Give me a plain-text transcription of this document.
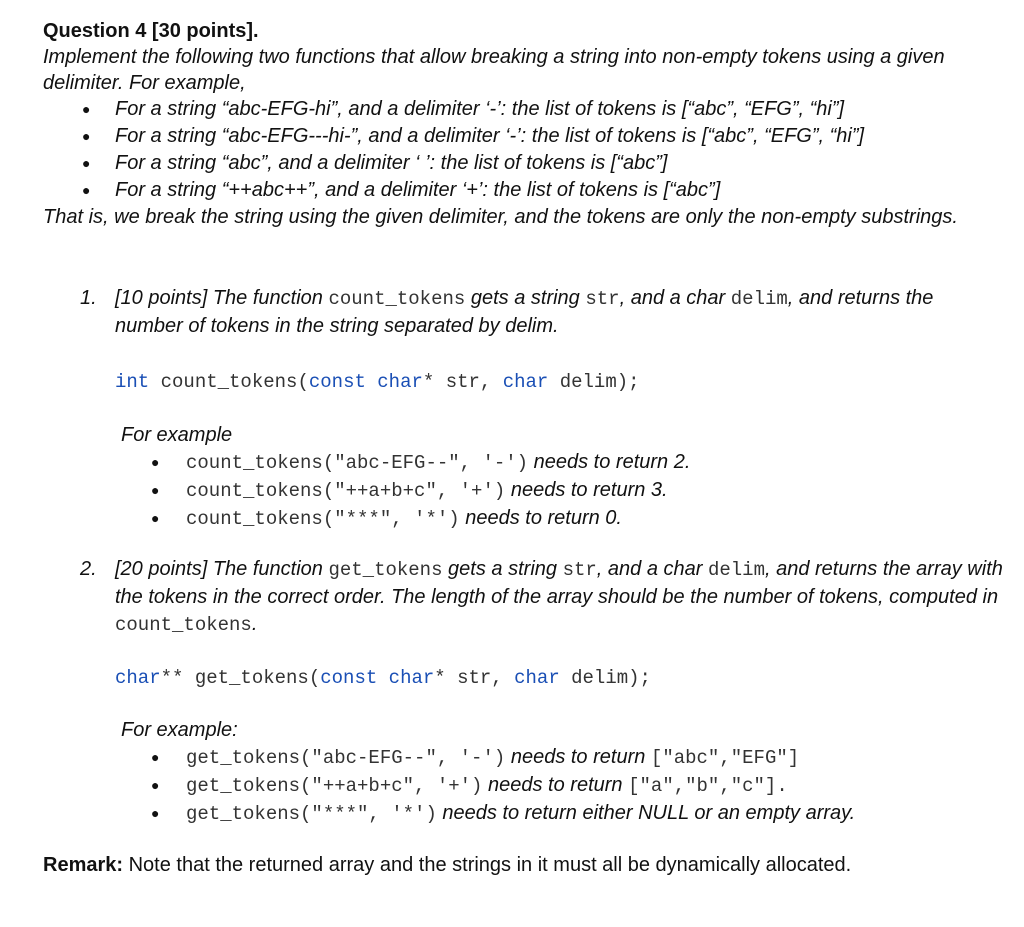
Question 4 [30 points].

Implement the following two functions that allow breaking a string into non-empty tokens using a given delimiter. For example,

● For a string “abc-EFG-hi”, and a delimiter ‘-’: the list of tokens is [“abc”, “EFG”, “hi”]
● For a string “abc-EFG---hi-”, and a delimiter ‘-’: the list of tokens is [“abc”, “EFG”, “hi”]
● For a string “abc”, and a delimiter ‘ ’: the list of tokens is [“abc”]
● For a string “++abc++”, and a delimiter ‘+’: the list of tokens is [“abc”]

That is, we break the string using the given delimiter, and the tokens are only the non-empty substrings.

1. [10 points] The function count_tokens gets a string str, and a char delim, and returns the number of tokens in the string separated by delim.
int count_tokens(const char* str, char delim);
For example
● count_tokens("abc-EFG--", '-') needs to return 2.
● count_tokens("++a+b+c", '+') needs to return 3.
● count_tokens("***", '*') needs to return 0.
2. [20 points] The function get_tokens gets a string str, and a char delim, and returns the array with the tokens in the correct order. The length of the array should be the number of tokens, computed in count_tokens.
char** get_tokens(const char* str, char delim);
For example:
● get_tokens("abc-EFG--", '-') needs to return ["abc","EFG"]
● get_tokens("++a+b+c", '+') needs to return ["a","b","c"].
● get_tokens("***", '*') needs to return either NULL or an empty array.
Remark: Note that the returned array and the strings in it must all be dynamically allocated.
